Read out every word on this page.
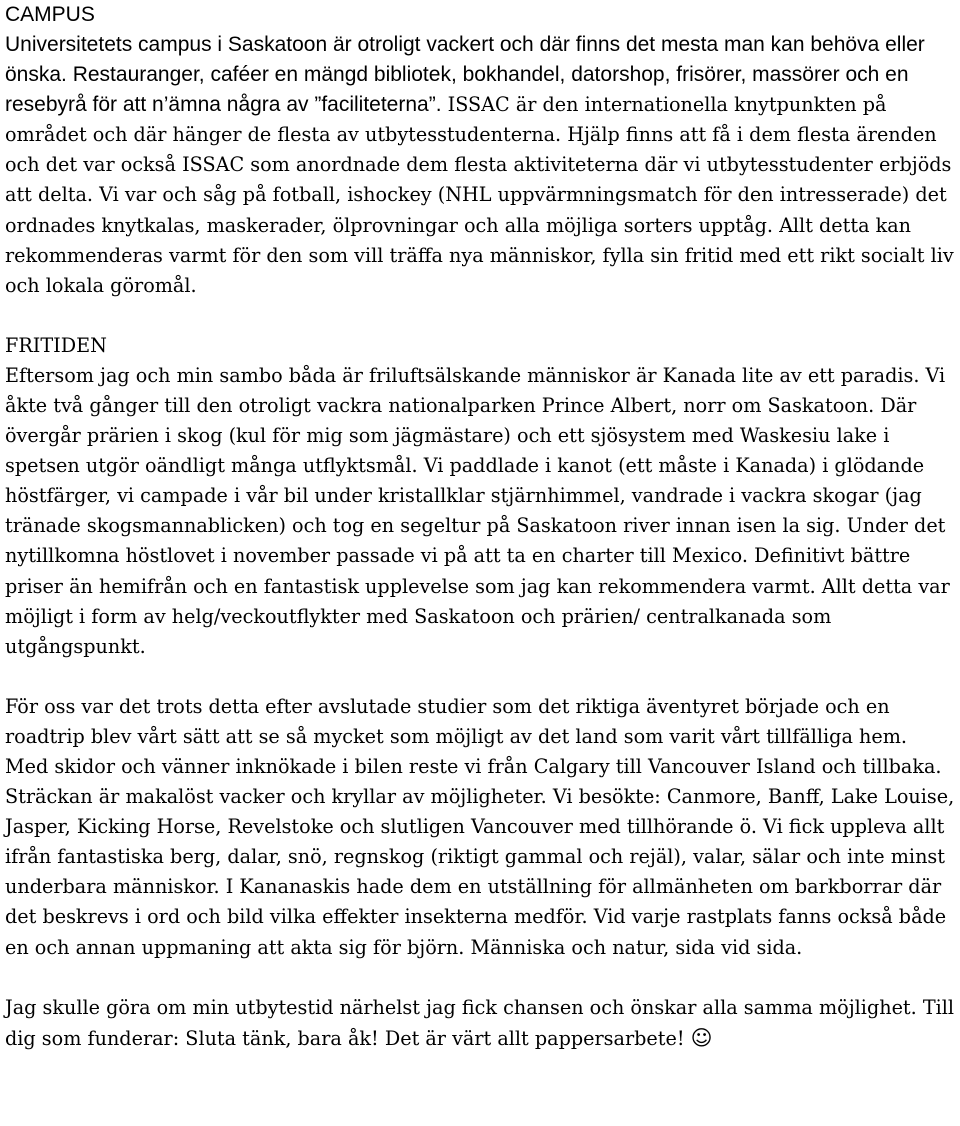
CAMPUS

Universitetets campus i Saskatoon är otroligt vackert och där finns det mesta man kan behöva eller önska. Restauranger, caféer en mängd bibliotek, bokhandel, datorshop, frisörer, massörer och en resebyrå för att n’ämna några av ”faciliteterna”. ISSAC är den internationella knytpunkten på området och där hänger de flesta av utbytesstudenterna. Hjälp finns att få i dem flesta ärenden och det var också ISSAC som anordnade dem flesta aktiviteterna där vi utbytesstudenter erbjöds att delta. Vi var och såg på fotball, ishockey (NHL uppvärmningsmatch för den intresserade) det ordnades knytkalas, maskerader, ölprovningar och alla möjliga sorters upptåg. Allt detta kan rekommenderas varmt för den som vill träffa nya människor, fylla sin fritid med ett rikt socialt liv och lokala göromål.

FRITIDEN

Eftersom jag och min sambo båda är friluftsälskande människor är Kanada lite av ett paradis. Vi åkte två gånger till den otroligt vackra nationalparken Prince Albert, norr om Saskatoon. Där övergår prärien i skog (kul för mig som jägmästare) och ett sjösystem med Waskesiu lake i spetsen utgör oändligt många utflyktsmål. Vi paddlade i kanot (ett måste i Kanada) i glödande höstfärger, vi campade i vår bil under kristallklar stjärnhimmel, vandrade i vackra skogar (jag tränade skogsmannablicken) och tog en segeltur på Saskatoon river innan isen la sig. Under det nytillkomna höstlovet i november passade vi på att ta en charter till Mexico. Definitivt bättre priser än hemifrån och en fantastisk upplevelse som jag kan rekommendera varmt. Allt detta var möjligt i form av helg/veckoutflykter med Saskatoon och prärien/ centralkanada som utgångspunkt.

För oss var det trots detta efter avslutade studier som det riktiga äventyret började och en roadtrip blev vårt sätt att se så mycket som möjligt av det land som varit vårt tillfälliga hem. Med skidor och vänner inknökade i bilen reste vi från Calgary till Vancouver Island och tillbaka. Sträckan är makalöst vacker och kryllar av möjligheter. Vi besökte: Canmore, Banff, Lake Louise, Jasper, Kicking Horse, Revelstoke och slutligen Vancouver med tillhörande ö. Vi fick uppleva allt ifrån fantastiska berg, dalar, snö, regnskog (riktigt gammal och rejäl), valar, sälar och inte minst underbara människor. I Kananaskis hade dem en utställning för allmänheten om barkborrar där det beskrevs i ord och bild vilka effekter insekterna medför. Vid varje rastplats fanns också både en och annan uppmaning att akta sig för björn. Människa och natur, sida vid sida.

Jag skulle göra om min utbytestid närhelst jag fick chansen och önskar alla samma möjlighet. Till dig som funderar: Sluta tänk, bara åk! Det är värt allt pappersarbete! ☺
